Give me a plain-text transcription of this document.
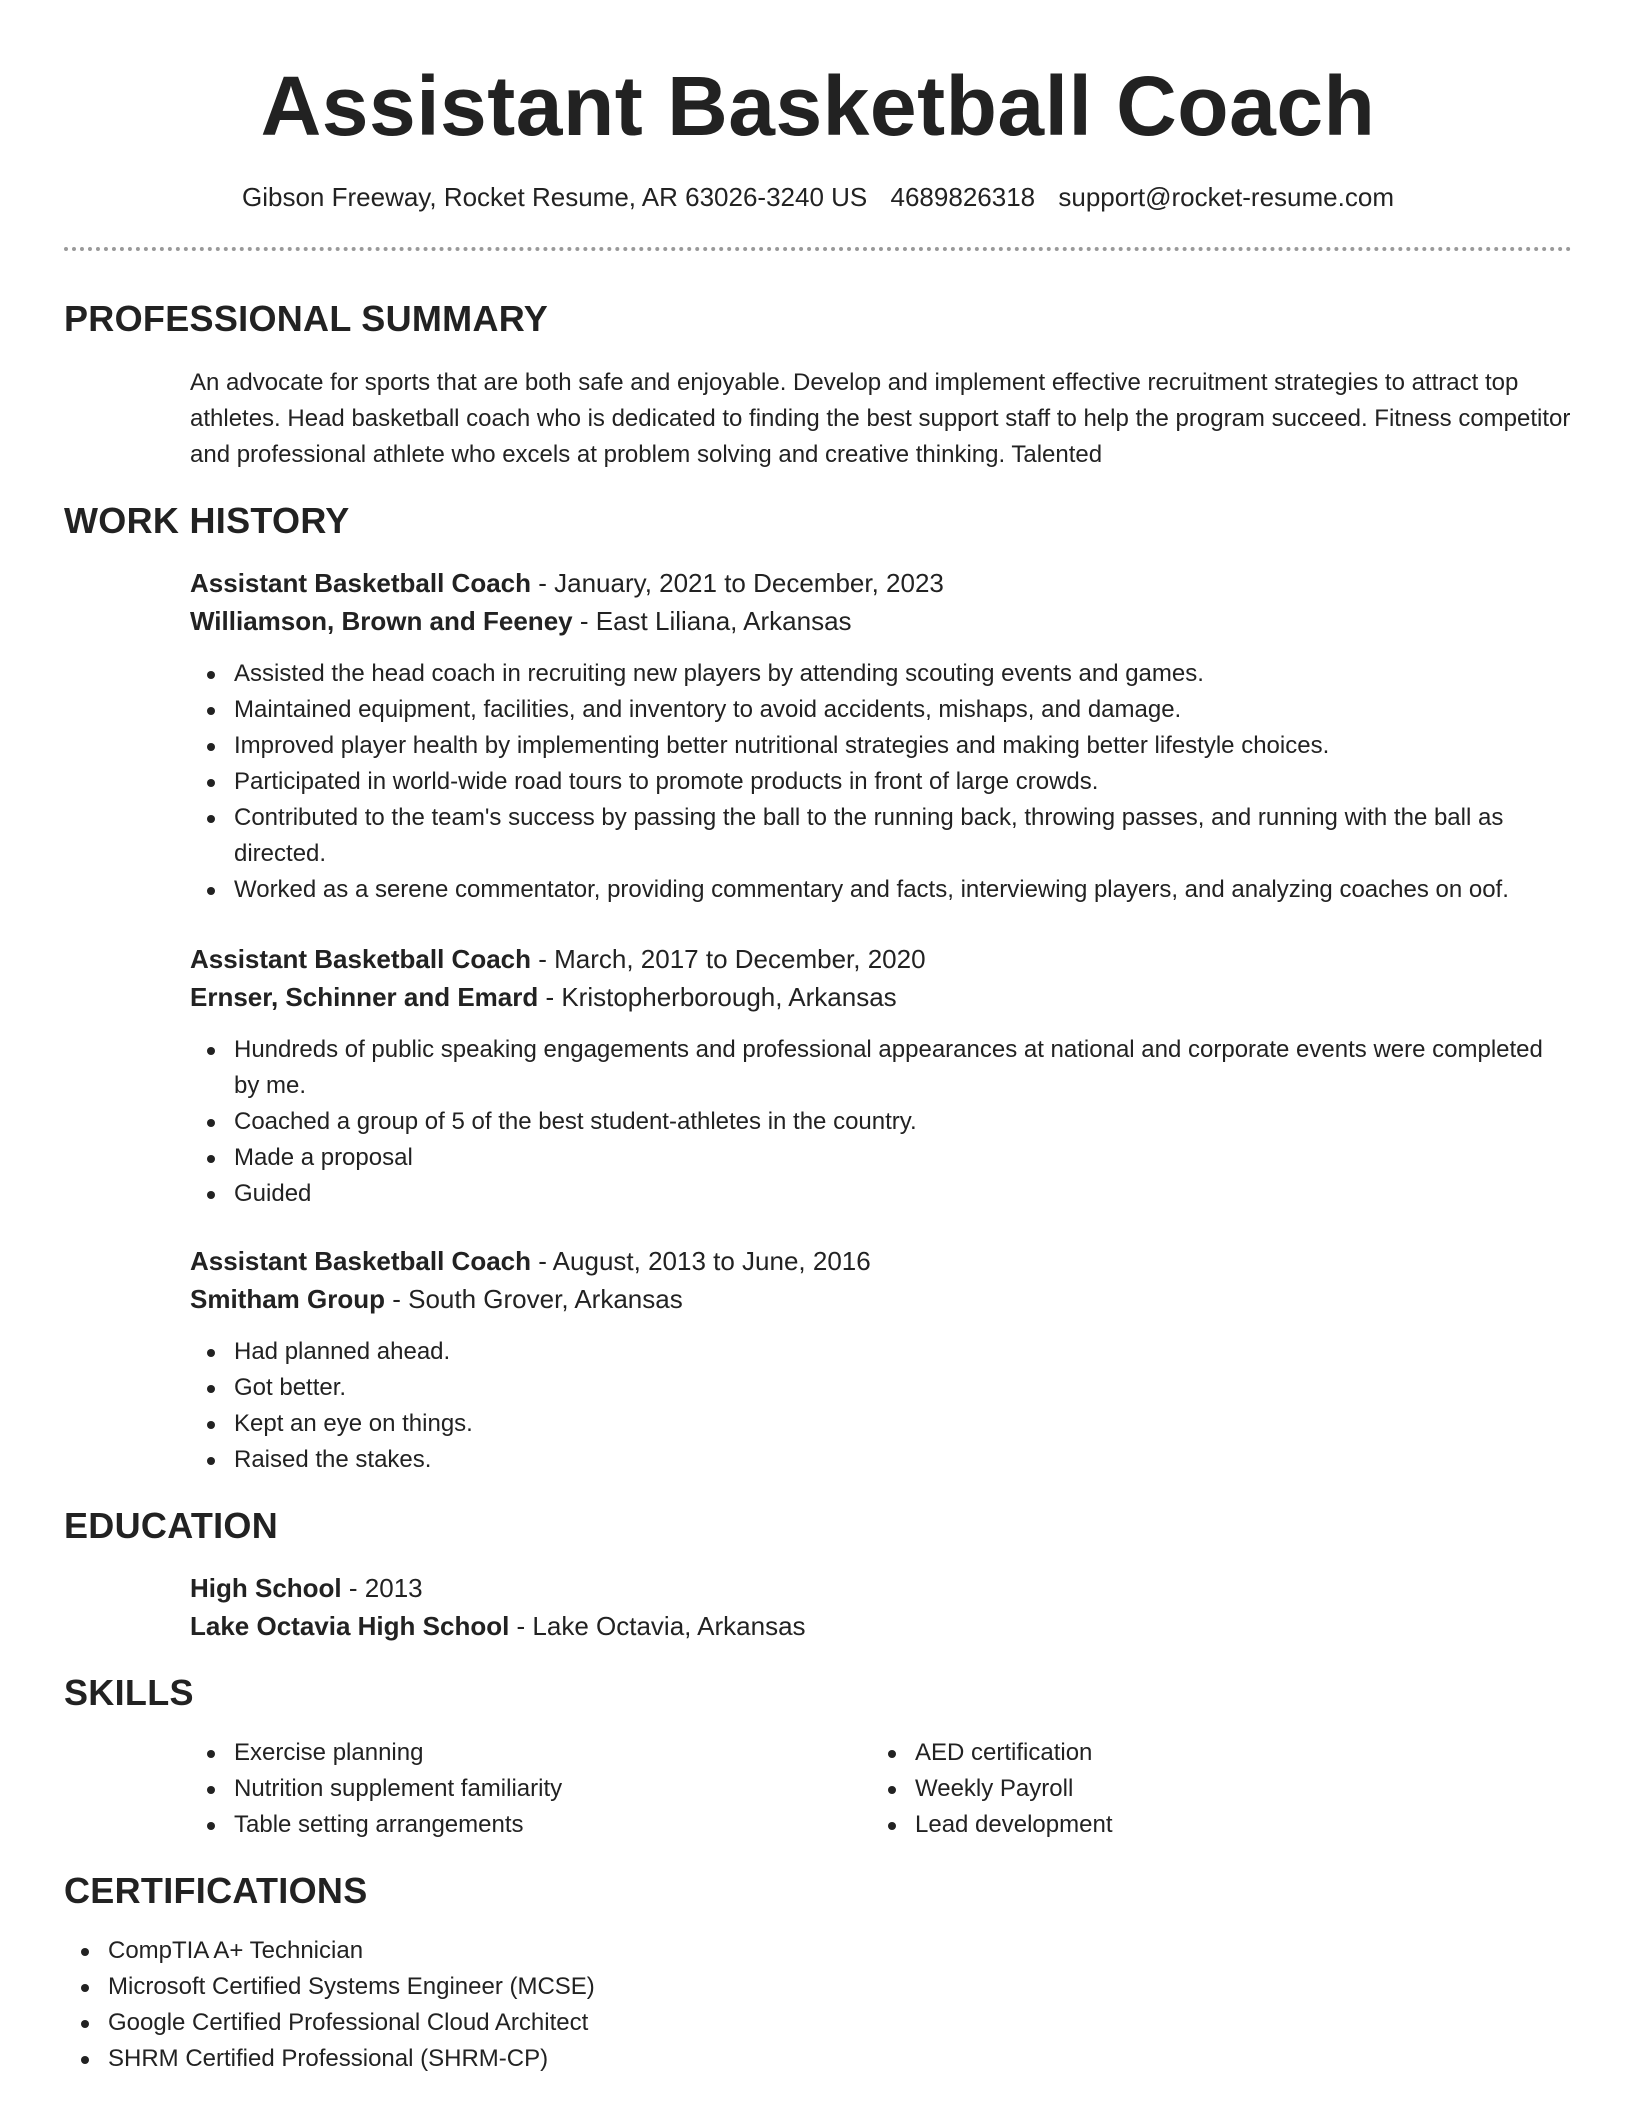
Assistant Basketball Coach
Gibson Freeway, Rocket Resume, AR 63026-3240 US 4689826318 support@rocket-resume.com
PROFESSIONAL SUMMARY
An advocate for sports that are both safe and enjoyable. Develop and implement effective recruitment strategies to attract top athletes. Head basketball coach who is dedicated to finding the best support staff to help the program succeed. Fitness competitor and professional athlete who excels at problem solving and creative thinking. Talented
WORK HISTORY
Assistant Basketball Coach - January, 2021 to December, 2023
Williamson, Brown and Feeney - East Liliana, Arkansas
Assisted the head coach in recruiting new players by attending scouting events and games.
Maintained equipment, facilities, and inventory to avoid accidents, mishaps, and damage.
Improved player health by implementing better nutritional strategies and making better lifestyle choices.
Participated in world-wide road tours to promote products in front of large crowds.
Contributed to the team's success by passing the ball to the running back, throwing passes, and running with the ball as directed.
Worked as a serene commentator, providing commentary and facts, interviewing players, and analyzing coaches on oof.
Assistant Basketball Coach - March, 2017 to December, 2020
Ernser, Schinner and Emard - Kristopherborough, Arkansas
Hundreds of public speaking engagements and professional appearances at national and corporate events were completed by me.
Coached a group of 5 of the best student-athletes in the country.
Made a proposal
Guided
Assistant Basketball Coach - August, 2013 to June, 2016
Smitham Group - South Grover, Arkansas
Had planned ahead.
Got better.
Kept an eye on things.
Raised the stakes.
EDUCATION
High School - 2013
Lake Octavia High School - Lake Octavia, Arkansas
SKILLS
Exercise planning
Nutrition supplement familiarity
Table setting arrangements
AED certification
Weekly Payroll
Lead development
CERTIFICATIONS
CompTIA A+ Technician
Microsoft Certified Systems Engineer (MCSE)
Google Certified Professional Cloud Architect
SHRM Certified Professional (SHRM-CP)
